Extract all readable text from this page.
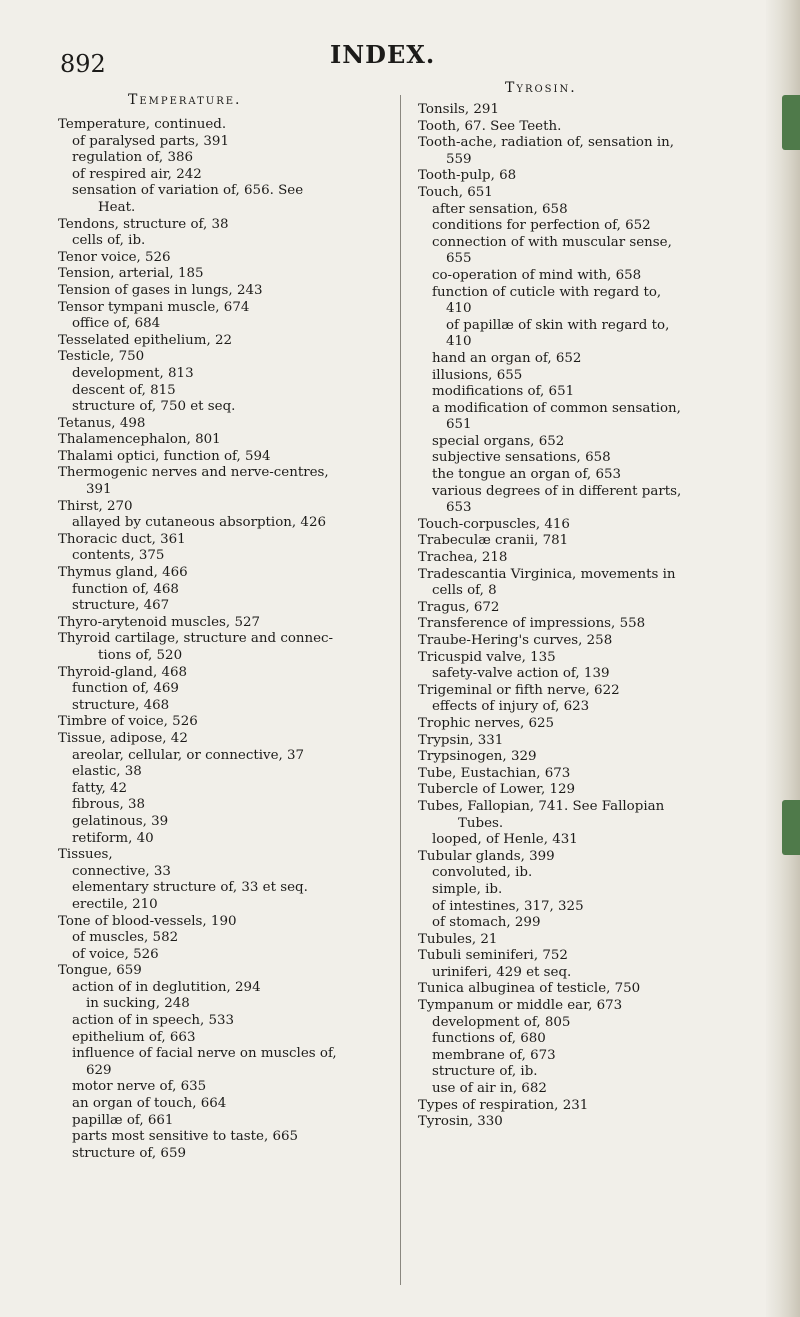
892	INDEX.
Temperature.
Tyrosin.
Temperature, continued.
of paralysed parts, 391
regulation of, 386
of respired air, 242
sensation of variation of, 656. See
Heat.
Tendons, structure of, 38
cells of, ib.
Tenor voice, 526
Tension, arterial, 185
Tension of gases in lungs, 243
Tensor tympani muscle, 674
office of, 684
Tesselated epithelium, 22
Testicle, 750
development, 813
descent of, 815
structure of, 750 et seq.
Tetanus, 498
Thalamencephalon, 801
Thalami optici, function of, 594
Thermogenic nerves and nerve-centres,
391
Thirst, 270
allayed by cutaneous absorption, 426
Thoracic duct, 361
contents, 375
Thymus gland, 466
function of, 468
structure, 467
Thyro-arytenoid muscles, 527
Thyroid cartilage, structure and connec-
tions of, 520
Thyroid-gland, 468
function of, 469
structure, 468
Timbre of voice, 526
Tissue, adipose, 42
areolar, cellular, or connective, 37
elastic, 38
fatty, 42
fibrous, 38
gelatinous, 39
retiform, 40
Tissues,
connective, 33
elementary structure of, 33 et seq.
erectile, 210
Tone of blood-vessels, 190
of muscles, 582
of voice, 526
Tongue, 659
action of in deglutition, 294
in sucking, 248
action of in speech, 533
epithelium of, 663
influence of facial nerve on muscles of,
629
motor nerve of, 635
an organ of touch, 664
papillæ of, 661
parts most sensitive to taste, 665
structure of, 659
Tonsils, 291
Tooth, 67. See Teeth.
Tooth-ache, radiation of, sensation in,
559
Tooth-pulp, 68
Touch, 651
after sensation, 658
conditions for perfection of, 652
connection of with muscular sense,
655
co-operation of mind with, 658
function of cuticle with regard to,
410
of papillæ of skin with regard to,
410
hand an organ of, 652
illusions, 655
modifications of, 651
a modification of common sensation,
651
special organs, 652
subjective sensations, 658
the tongue an organ of, 653
various degrees of in different parts,
653
Touch-corpuscles, 416
Trabeculæ cranii, 781
Trachea, 218
Tradescantia Virginica, movements in
cells of, 8
Tragus, 672
Transference of impressions, 558
Traube-Hering's curves, 258
Tricuspid valve, 135
safety-valve action of, 139
Trigeminal or fifth nerve, 622
effects of injury of, 623
Trophic nerves, 625
Trypsin, 331
Trypsinogen, 329
Tube, Eustachian, 673
Tubercle of Lower, 129
Tubes, Fallopian, 741. See Fallopian
Tubes.
looped, of Henle, 431
Tubular glands, 399
convoluted, ib.
simple, ib.
of intestines, 317, 325
of stomach, 299
Tubules, 21
Tubuli seminiferi, 752
uriniferi, 429 et seq.
Tunica albuginea of testicle, 750
Tympanum or middle ear, 673
development of, 805
functions of, 680
membrane of, 673
structure of, ib.
use of air in, 682
Types of respiration, 231
Tyrosin, 330
